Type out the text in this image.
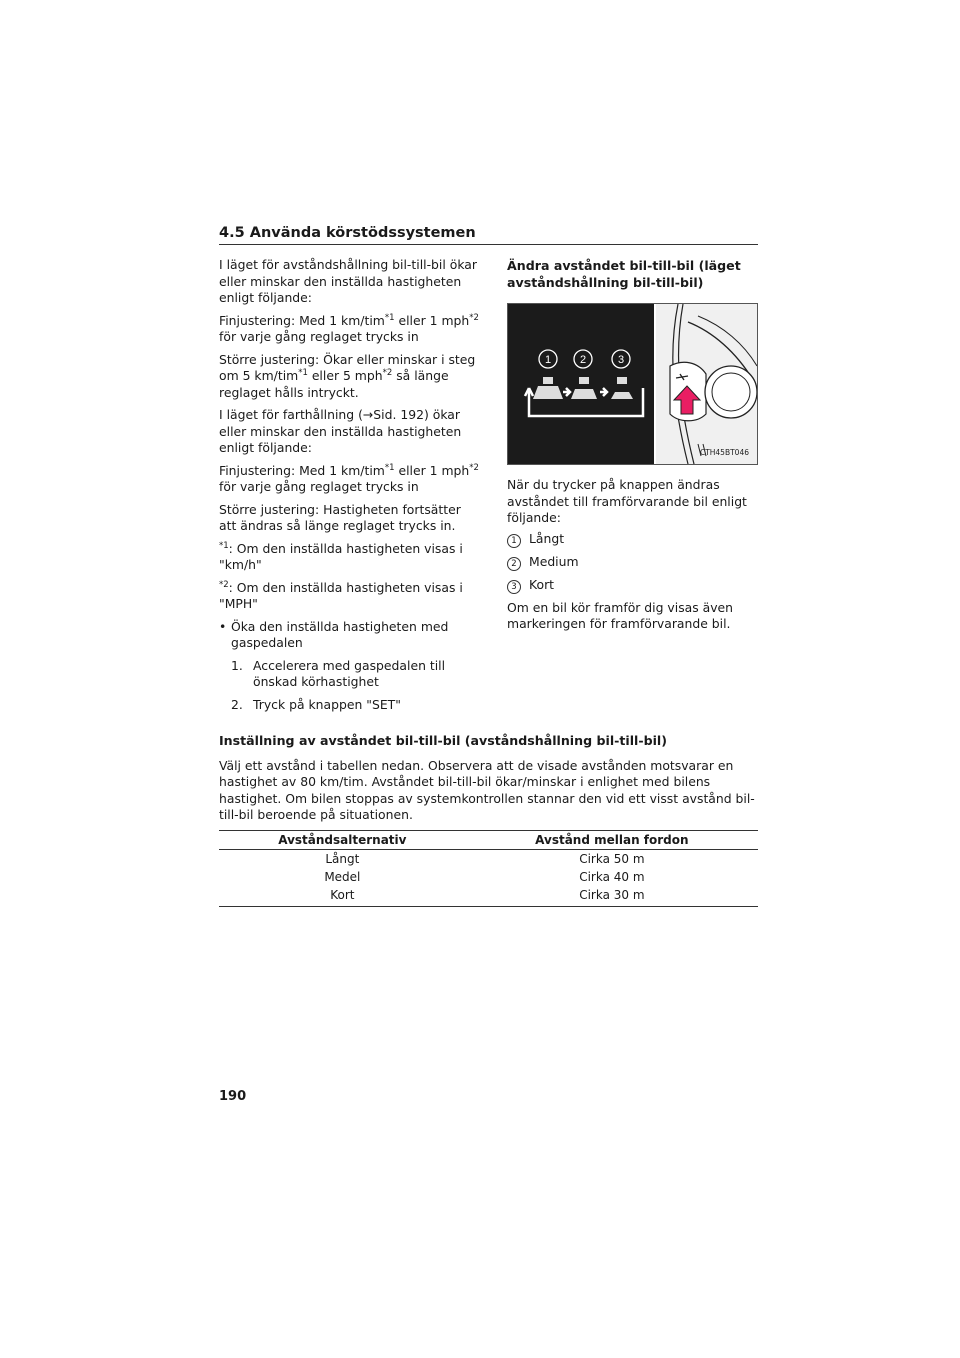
4.5 Använda körstödssystemen

I läget för avståndshållning bil-till-bil ökar eller minskar den inställda hastigheten enligt följande:

Finjustering: Med 1 km/tim$^{*1}$ eller 1 mph$^{*2}$ för varje gång reglaget trycks in

Större justering: Ökar eller minskar i steg om 5 km/tim$^{*1}$ eller 5 mph$^{*2}$ så länge reglaget hålls intryckt.

I läget för farthållning (→Sid. 192) ökar eller minskar den inställda hastigheten enligt följande:

Finjustering: Med 1 km/tim$^{*1}$ eller 1 mph$^{*2}$ för varje gång reglaget trycks in

Större justering: Hastigheten fortsätter att ändras så länge reglaget trycks in.

$^{*1}$: Om den inställda hastigheten visas i "km/h"

$^{*2}$: Om den inställda hastigheten visas i "MPH"

• Öka den inställda hastigheten med gaspedalen
1. Accelerera med gaspedalen till önskad körhastighet
2. Tryck på knappen "SET"
Ändra avståndet bil-till-bil (läget avståndshållning bil-till-bil)
1	2	3
CTH45BT046

När du trycker på knappen ändras avståndet till framförvarande bil enligt följande:

1 Långt
2 Medium
3 Kort

Om en bil kör framför dig visas även markeringen för framförvarande bil.

Inställning av avståndet bil-till-bil (avståndshållning bil-till-bil)

Välj ett avstånd i tabellen nedan. Observera att de visade avstånden motsvarar en hastighet av 80 km/tim. Avståndet bil-till-bil ökar/minskar i enlighet med bilens hastighet. Om bilen stoppas av systemkontrollen stannar den vid ett visst avstånd bil-till-bil beroende på situationen.

Avståndsalternativ	Avstånd mellan fordon
Långt	Cirka 50 m
Medel	Cirka 40 m
Kort	Cirka 30 m
190
